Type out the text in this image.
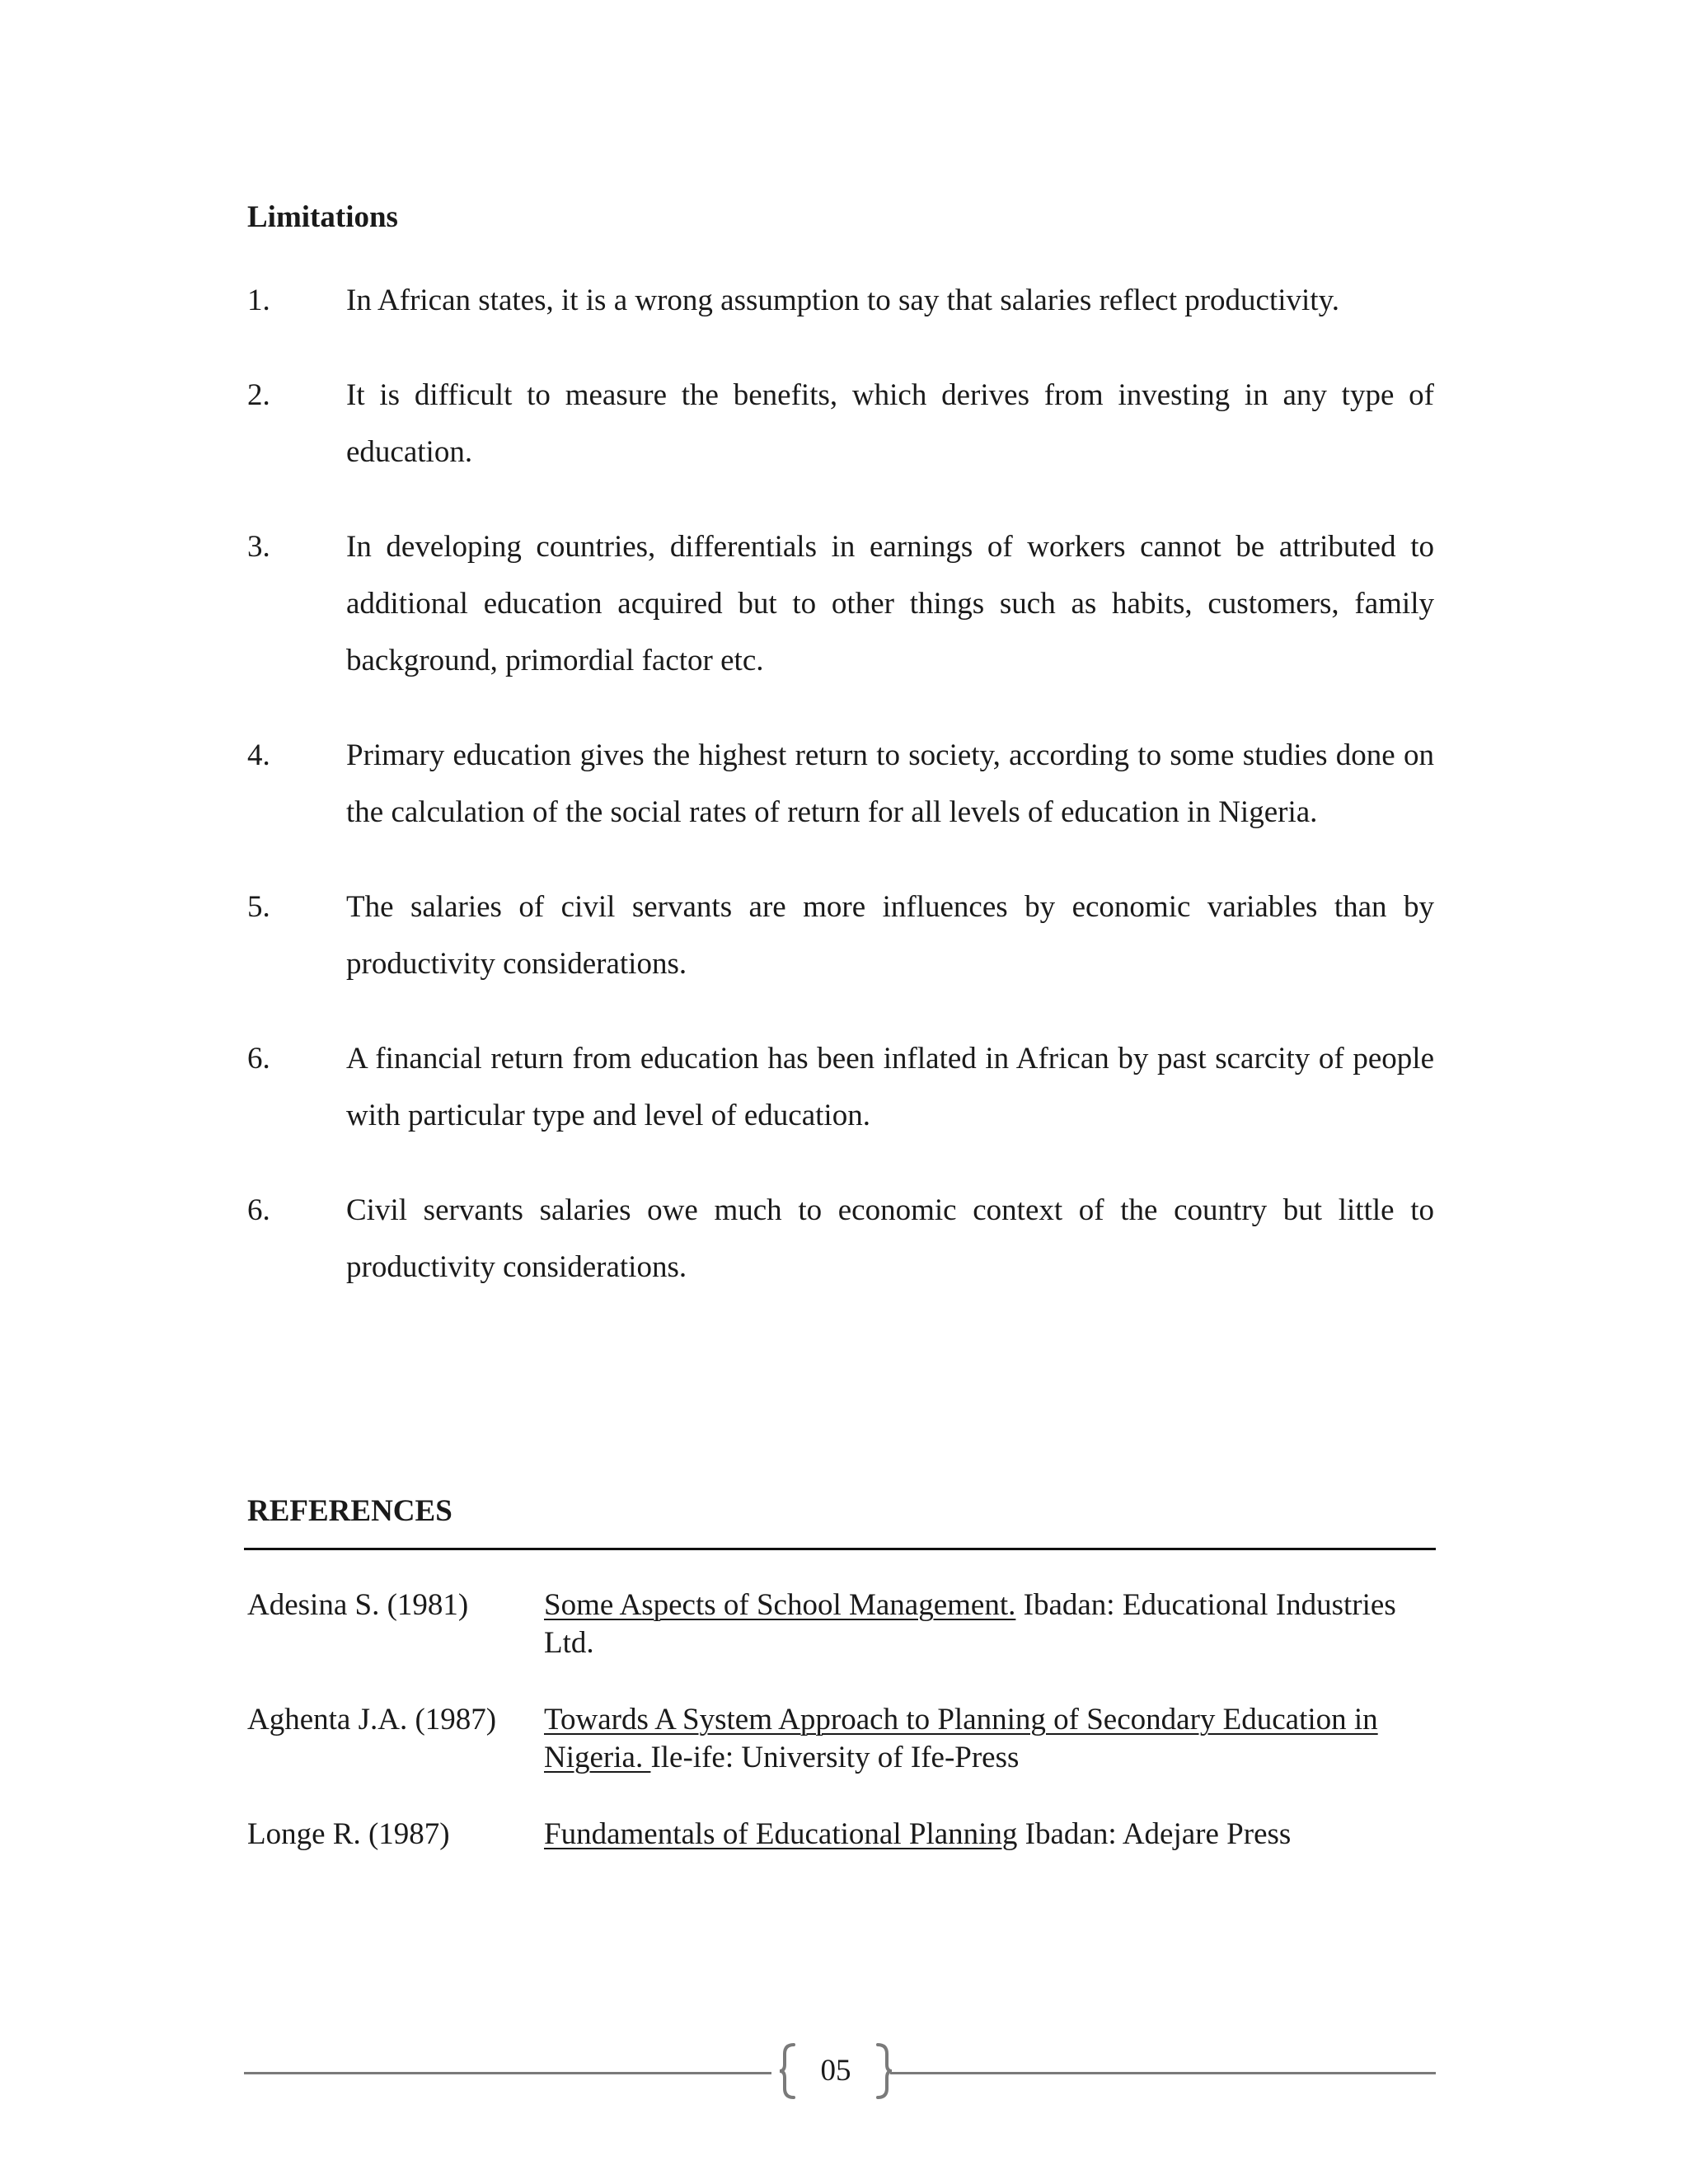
Limitations
1.	In African states, it is a wrong assumption to say that salaries reflect productivity.
2.	It is difficult to measure the benefits, which derives from investing in any type of education.
3.	In developing countries, differentials in earnings of workers cannot be attributed to additional education acquired but to other things such as habits, customers, family background, primordial factor etc.
4.	Primary education gives the highest return to society, according to some studies done on the calculation of the social rates of return for all levels of education in Nigeria.
5.	The salaries of civil servants are more influences by economic variables than by productivity considerations.
6.	A financial return from education has been inflated in African by past scarcity of people with particular type and level of education.
6.	Civil servants salaries owe much to economic context of the country but little to productivity considerations.
REFERENCES
Adesina S. (1981)	Some Aspects of School Management. Ibadan: Educational Industries Ltd.
Aghenta J.A. (1987)	Towards A System Approach to Planning of Secondary Education in Nigeria. Ile-ife: University of Ife-Press
Longe R. (1987)	Fundamentals of Educational Planning Ibadan: Adejare Press
05
